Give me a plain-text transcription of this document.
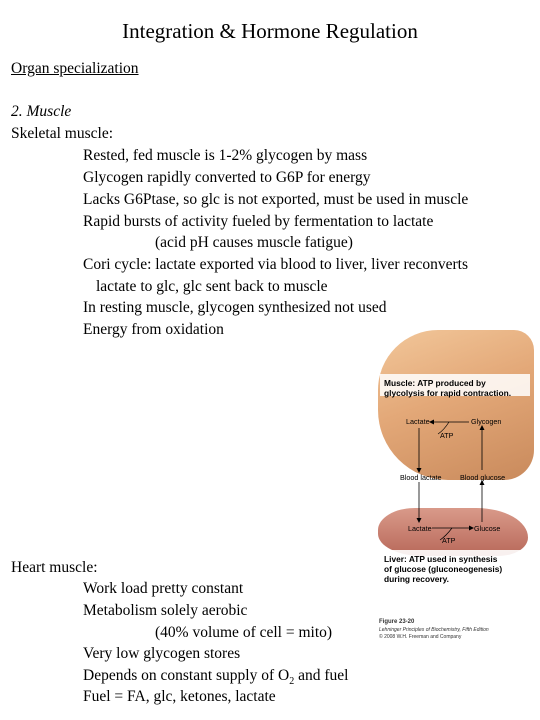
Integration & Hormone Regulation
Organ specialization
2. Muscle
Skeletal muscle:
Rested, fed muscle is 1-2% glycogen by mass
Glycogen rapidly converted to G6P for energy
Lacks G6Ptase, so glc is not exported, must be used in muscle
Rapid bursts of activity fueled by fermentation to lactate
(acid pH causes muscle fatigue)
Cori cycle: lactate exported via blood to liver, liver reconverts
lactate to glc, glc sent back to muscle
In resting muscle, glycogen synthesized not used
Energy from oxidation
Heart muscle:
Work load pretty constant
Metabolism solely aerobic
(40% volume of cell = mito)
Very low glycogen stores
Depends on constant supply of $O_2$ and fuel
Fuel = FA, glc, ketones, lactate
Muscle: ATP produced by
glycolysis for rapid contraction.
Lactate	Glycogen
ATP
Blood lactate	Blood glucose
Lactate	Glucose
ATP
Liver: ATP used in synthesis
of glucose (gluconeogenesis)
during recovery.
Figure 23-20
Lehninger Principles of Biochemistry, Fifth Edition
© 2008 W.H. Freeman and Company
